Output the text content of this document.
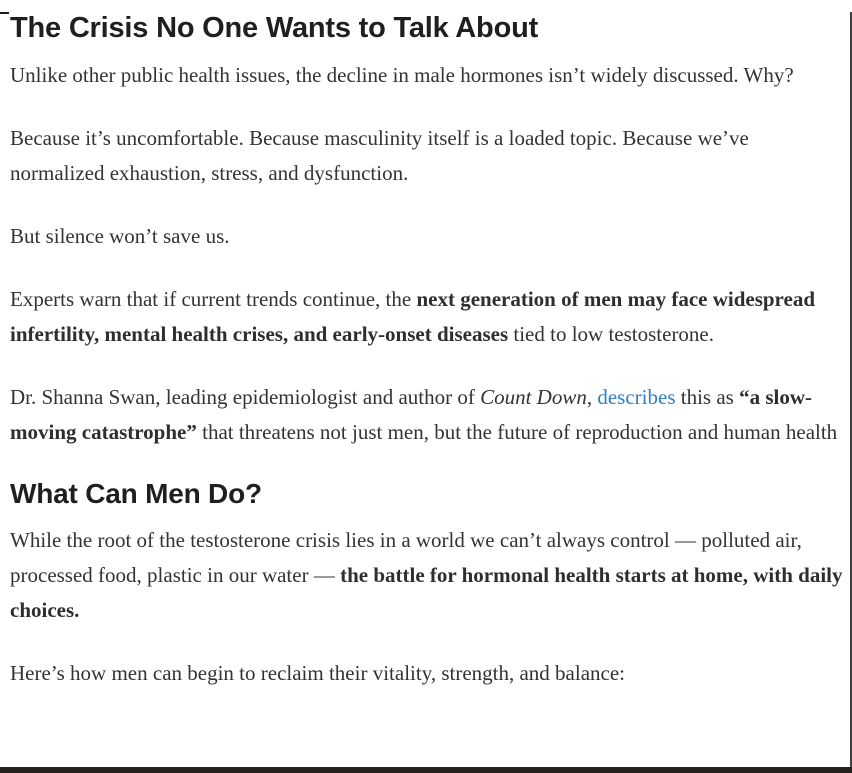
The Crisis No One Wants to Talk About

Unlike other public health issues, the decline in male hormones isn’t widely discussed. Why?

Because it’s uncomfortable. Because masculinity itself is a loaded topic. Because we’ve normalized exhaustion, stress, and dysfunction.

But silence won’t save us.

Experts warn that if current trends continue, the next generation of men may face widespread infertility, mental health crises, and early-onset diseases tied to low testosterone.

Dr. Shanna Swan, leading epidemiologist and author of Count Down, describes this as “a slow-moving catastrophe” that threatens not just men, but the future of reproduction and human health

What Can Men Do?

While the root of the testosterone crisis lies in a world we can’t always control — polluted air, processed food, plastic in our water — the battle for hormonal health starts at home, with daily choices.

Here’s how men can begin to reclaim their vitality, strength, and balance:
